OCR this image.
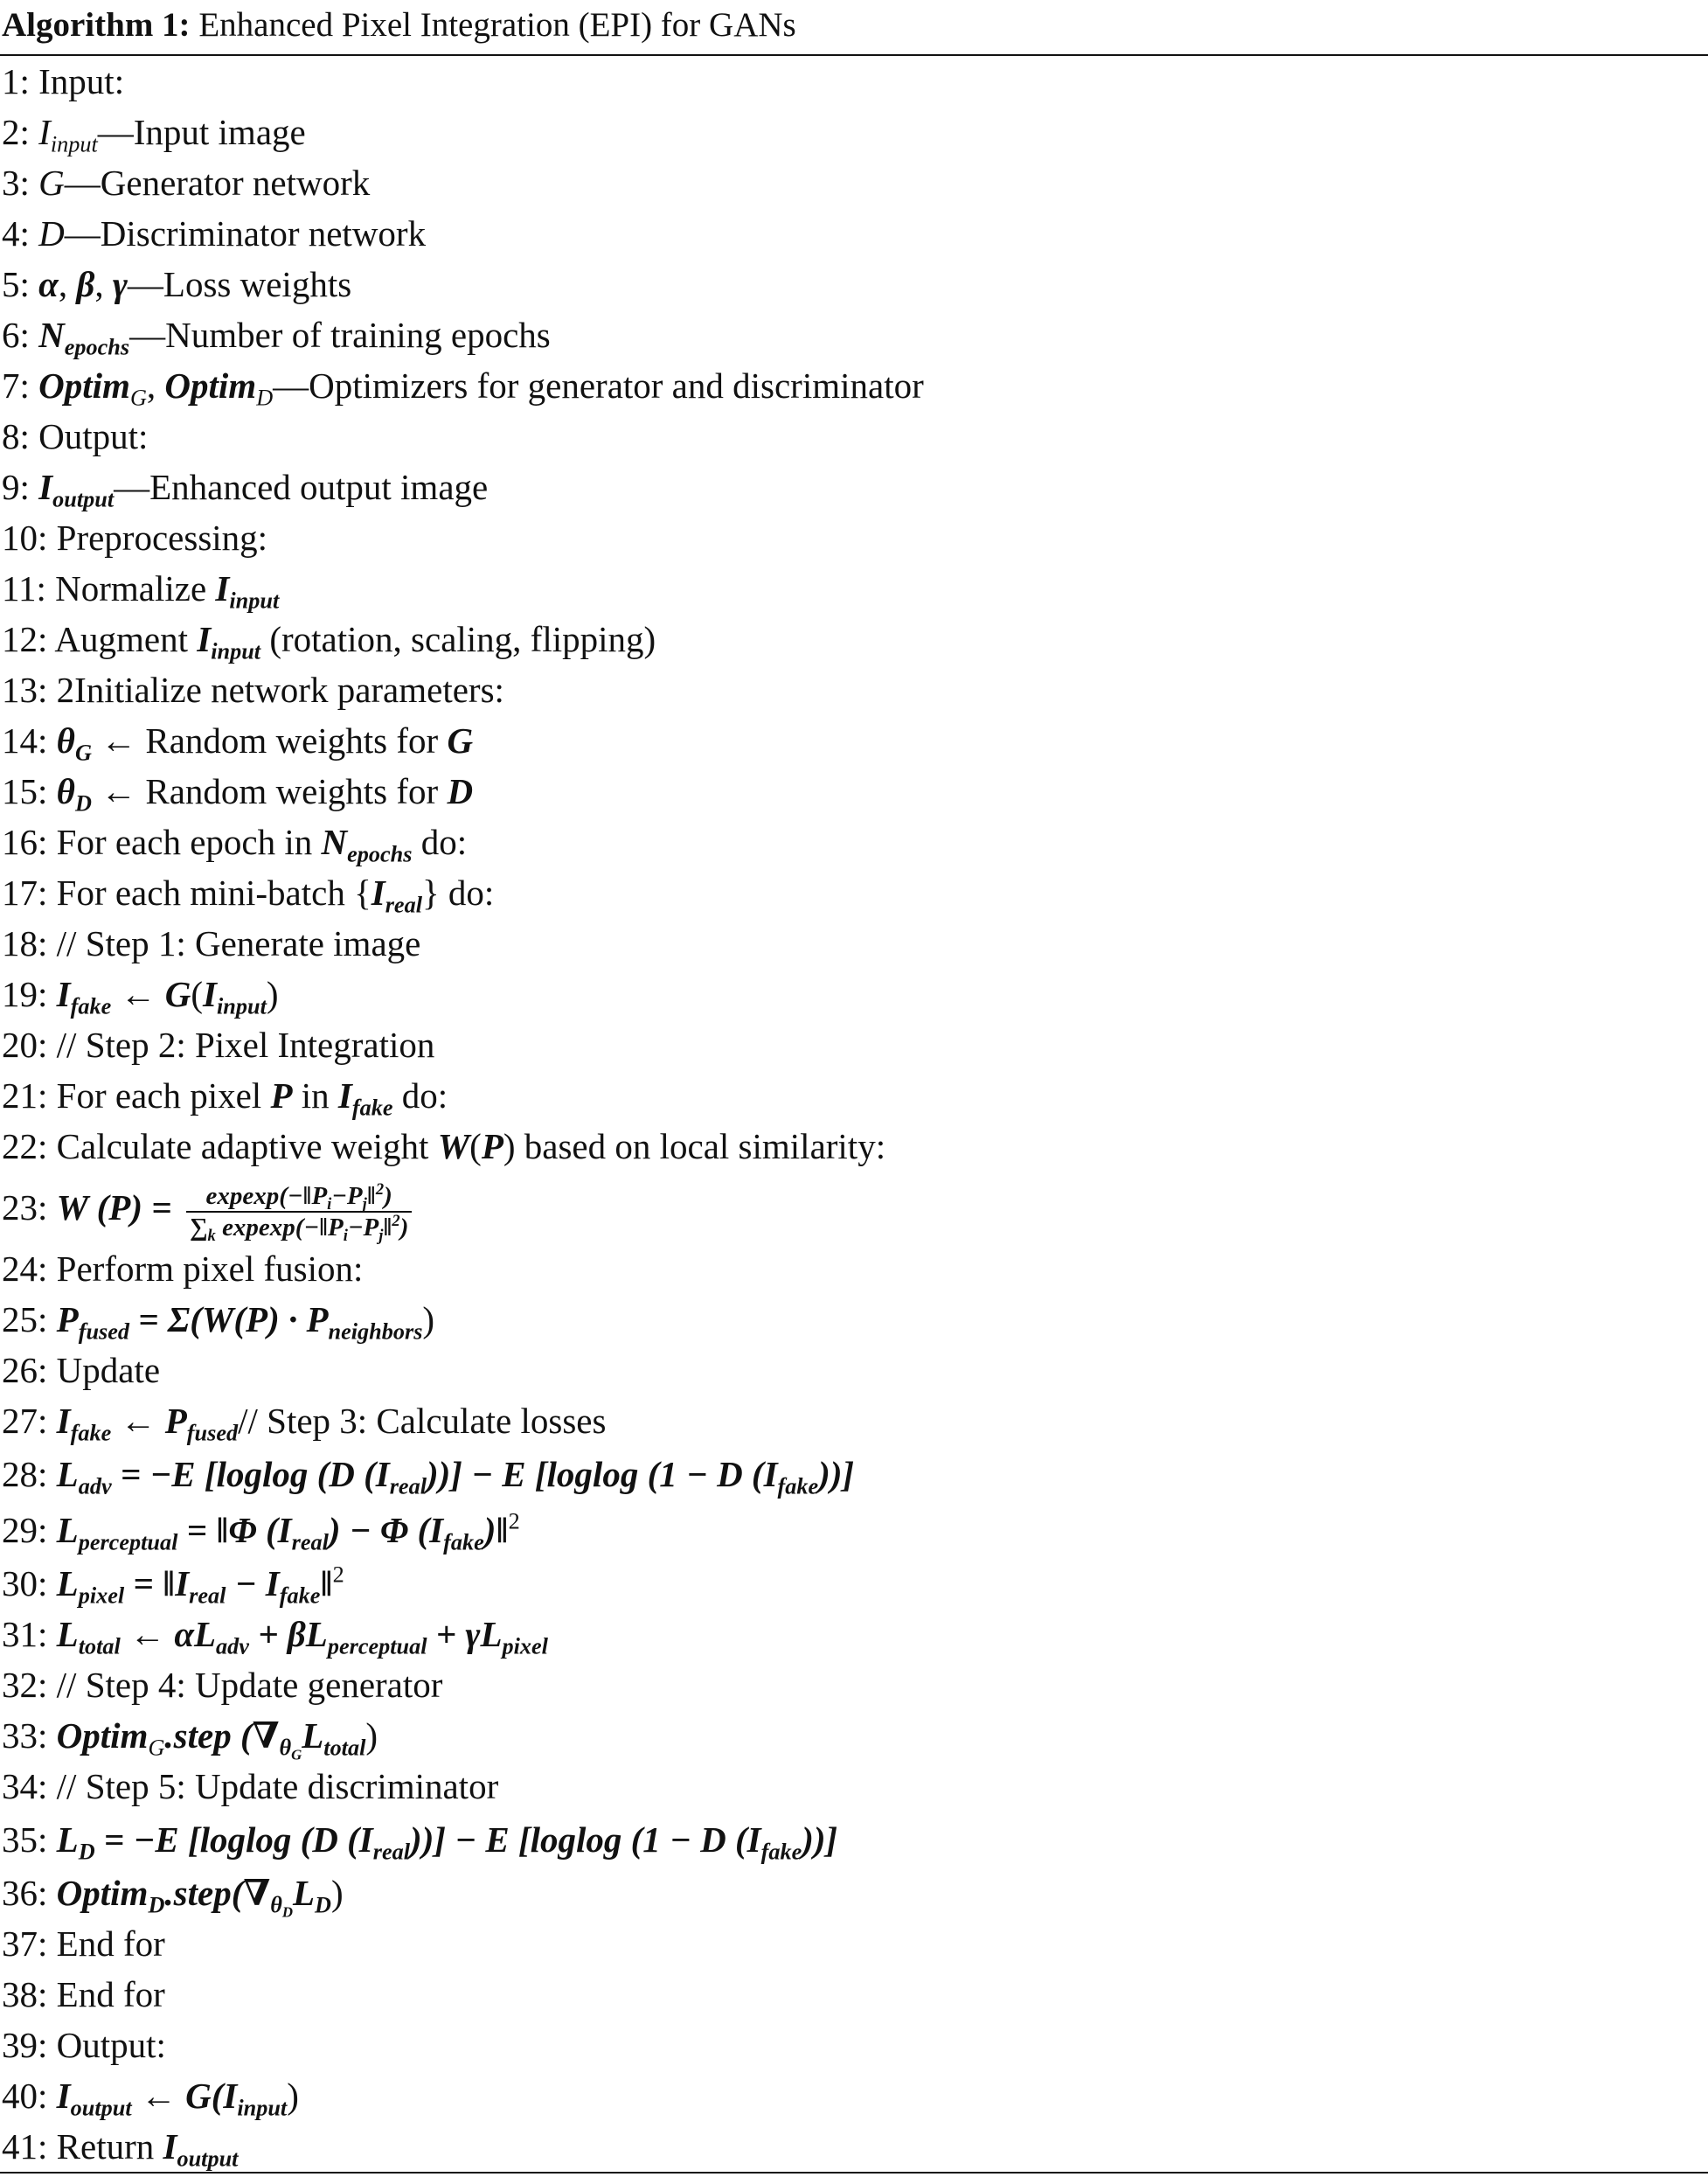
Algorithm 1: Enhanced Pixel Integration (EPI) for GANs
1: Input:
2: $I_{input}—Input$ image
3: G—Generator network
4: D—Discriminator network
5: α, β, γ—Loss weights
6: $N_{epochs}—Number$ of training epochs
7: Optim$_G$, Optim$_D$—Optimizers for generator and discriminator
8: Output:
9: $I_{output}—Enhanced$ output image
10: Preprocessing:
11: Normalize $I_{input}$
12: Augment $I_{input}$ (rotation, scaling, flipping)
13: 2Initialize network parameters:
14: $\theta_G$ ← Random weights for G
15: $\theta_D$ ← Random weights for D
16: For each epoch in $N_{epochs}$ do:
17: For each mini-batch $\{I_{real}\}$ do:
18: // Step 1: Generate image
19: $I_{fake}$ ← $G(I_{input})$
20: // Step 2: Pixel Integration
21: For each pixel P in $I_{fake}$ do:
22: Calculate adaptive weight W(P) based on local similarity:
23: W $(P) = \frac{expexp(-‖P_i-P_j‖^2)}{\sum_k expexp(-‖P_i-P_j‖^2)}$
24: Perform pixel fusion:
25: $P_{fused} = \Sigma(W(P) \cdot P_{neighbors})$
26: Update
27: $I_{fake}$ ← $P_{fused}//$ Step 3: Calculate losses
28: $L_{adv} = -E$ [loglog (D $(I_{real}))] - E$ [loglog (1 − D $(I_{fake})$)]
29: $L_{perceptual}$ = ‖Φ $(I_{real}) - \Phi$ $(I_{fake})‖^2$
30: $L_{pixel}$ = $‖I_{real}$ − $I_{fake}‖^2$
31: $L_{total}$ ← $\alpha L_{adv} + \beta L_{perceptual} + \gamma L_{pixel}$
32: // Step 4: Update generator
33: Optim$_G$.step $(\nabla_{\theta_G}L_{total})$
34: // Step 5: Update discriminator
35: $L_D = -E$ [loglog (D $(I_{real}))] - E$ [loglog (1 − D $(I_{fake})$)]
36: $Optim_D.step(\nabla_{\theta_D}L_D)$
37: End for
38: End for
39: Output:
40: $I_{output}$ ← $G(I_{input})$
41: Return $I_{output}$
